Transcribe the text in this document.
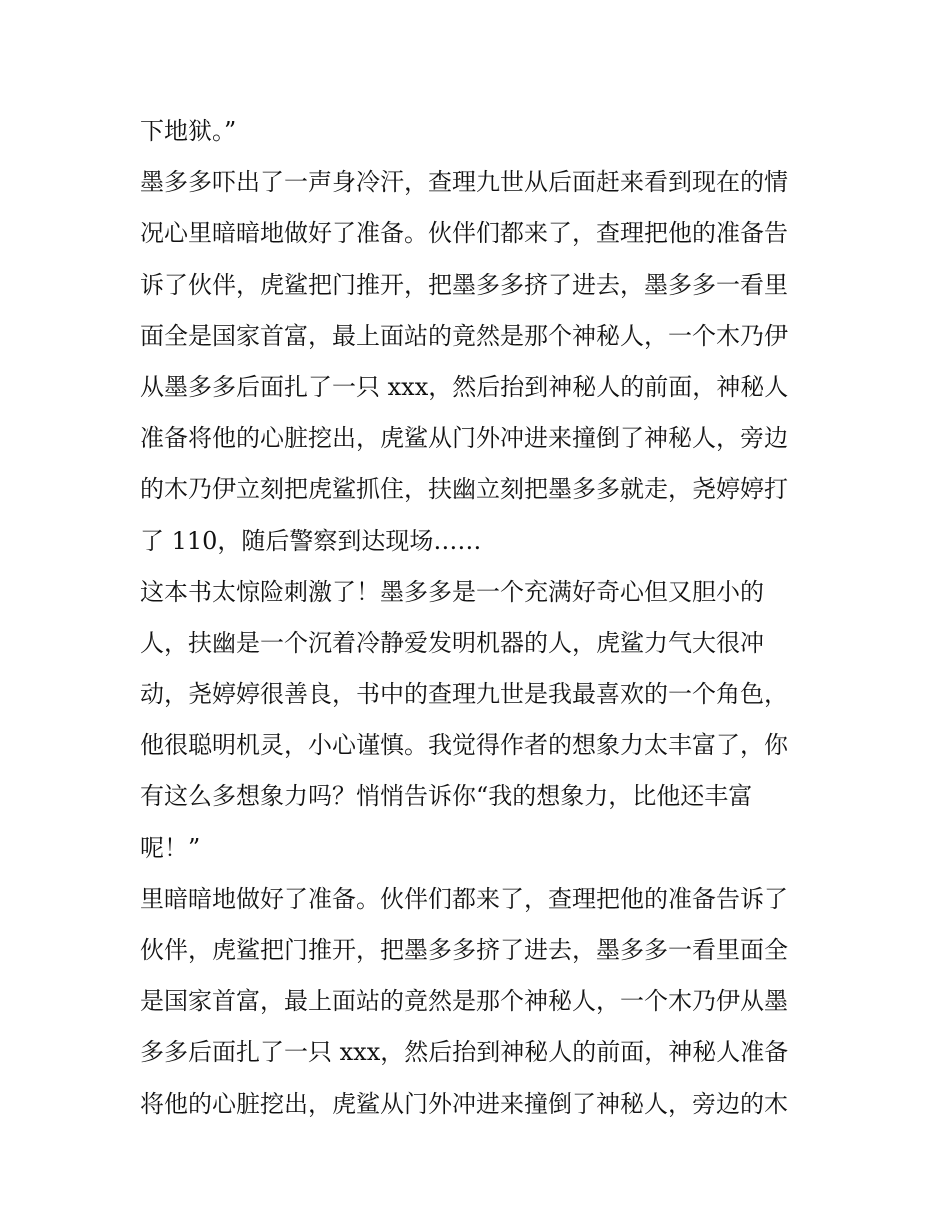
下地狱。”
墨多多吓出了一声身冷汗，查理九世从后面赶来看到现在的情
况心里暗暗地做好了准备。伙伴们都来了，查理把他的准备告
诉了伙伴，虎鲨把门推开，把墨多多挤了进去，墨多多一看里
面全是国家首富，最上面站的竟然是那个神秘人，一个木乃伊
从墨多多后面扎了一只 xxx，然后抬到神秘人的前面，神秘人
准备将他的心脏挖出，虎鲨从门外冲进来撞倒了神秘人，旁边
的木乃伊立刻把虎鲨抓住，扶幽立刻把墨多多就走，尧婷婷打
了 110，随后警察到达现场……
这本书太惊险刺激了！墨多多是一个充满好奇心但又胆小的
人，扶幽是一个沉着冷静爱发明机器的人，虎鲨力气大很冲
动，尧婷婷很善良，书中的查理九世是我最喜欢的一个角色，
他很聪明机灵，小心谨慎。我觉得作者的想象力太丰富了，你
有这么多想象力吗？悄悄告诉你“我的想象力，比他还丰富
呢！”
里暗暗地做好了准备。伙伴们都来了，查理把他的准备告诉了
伙伴，虎鲨把门推开，把墨多多挤了进去，墨多多一看里面全
是国家首富，最上面站的竟然是那个神秘人，一个木乃伊从墨
多多后面扎了一只 xxx，然后抬到神秘人的前面，神秘人准备
将他的心脏挖出，虎鲨从门外冲进来撞倒了神秘人，旁边的木
